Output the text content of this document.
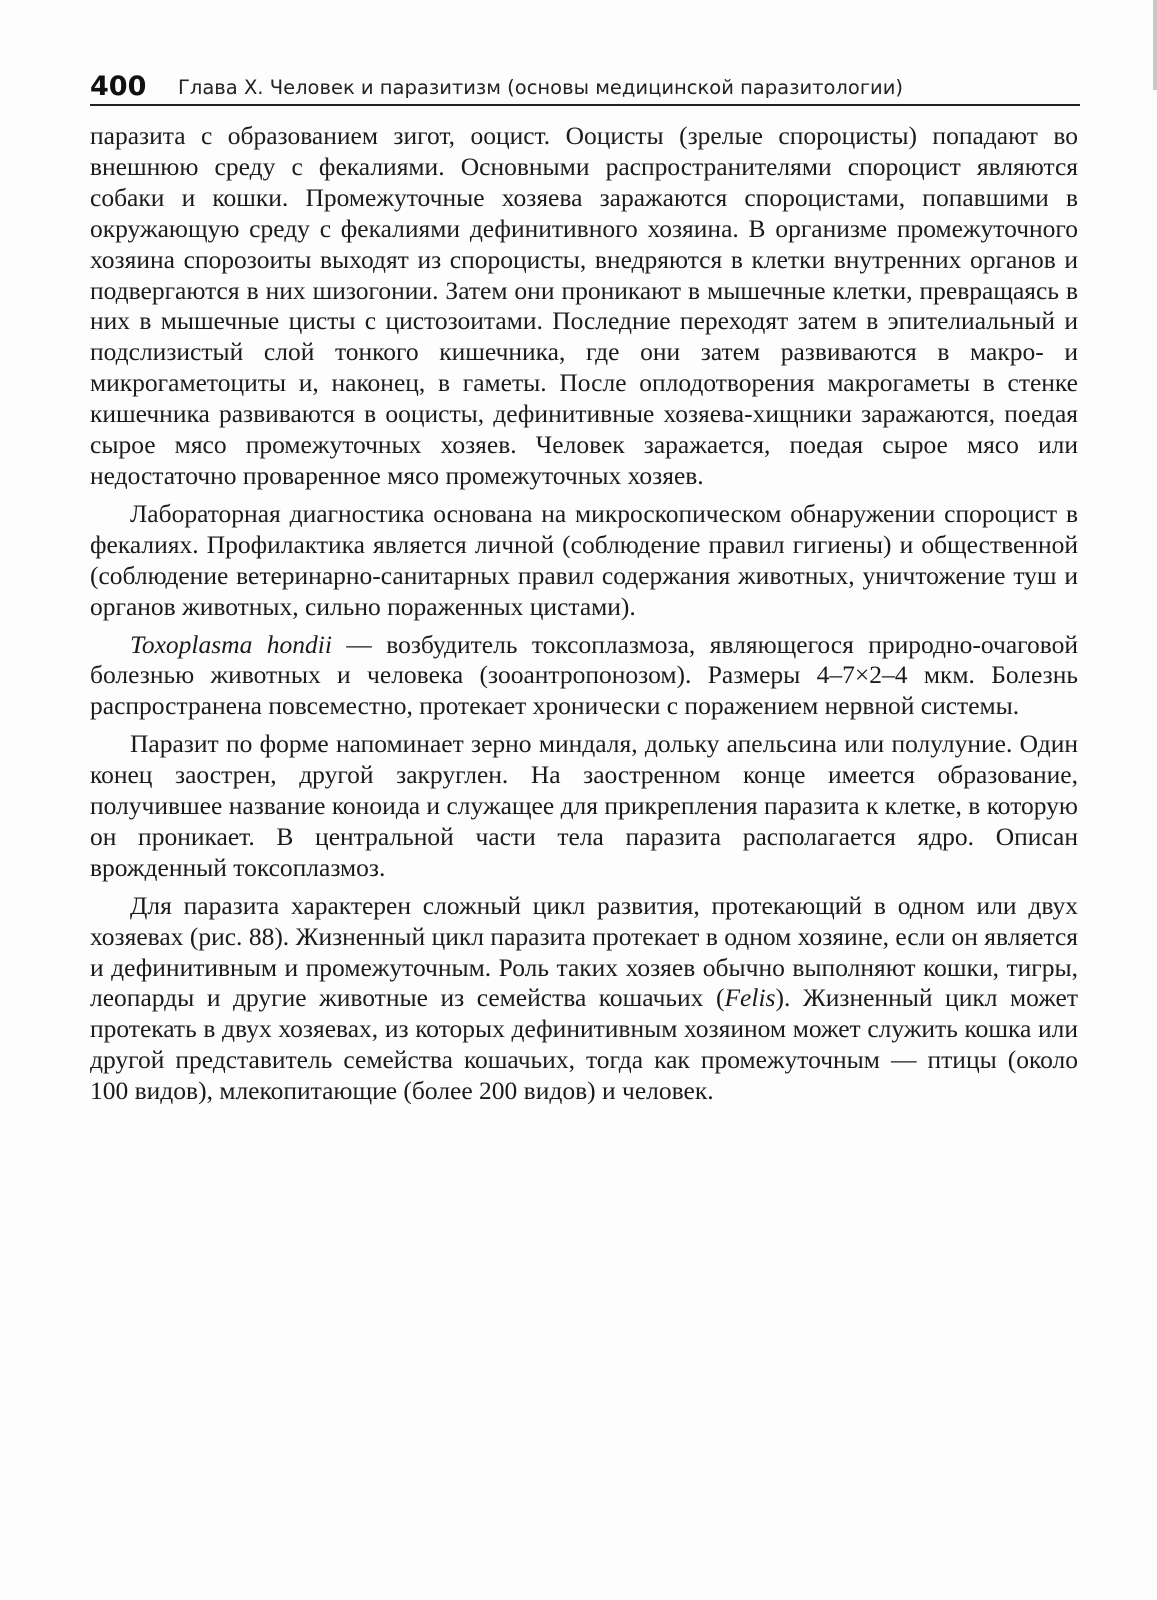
400 Глава X. Человек и паразитизм (основы медицинской паразитологии)

паразита с образованием зигот, ооцист. Ооцисты (зрелые спороцисты) попадают во внешнюю среду с фекалиями. Основными распространителями спороцист являются собаки и кошки. Промежуточные хозяева заражаются спороцистами, попавшими в окружающую среду с фекалиями дефинитивного хозяина. В организме промежуточного хозяина спорозоиты выходят из спороцисты, внедряются в клетки внутренних органов и подвергаются в них шизогонии. Затем они проникают в мышечные клетки, превращаясь в них в мышечные цисты с цистозоитами. Последние переходят затем в эпителиальный и подслизистый слой тонкого кишечника, где они затем развиваются в макро- и микрогаметоциты и, наконец, в гаметы. После оплодотворения макрогаметы в стенке кишечника развиваются в ооцисты, дефинитивные хозяева-хищники заражаются, поедая сырое мясо промежуточных хозяев. Человек заражается, поедая сырое мясо или недостаточно проваренное мясо промежуточных хозяев.

Лабораторная диагностика основана на микроскопическом обнаружении спороцист в фекалиях. Профилактика является личной (соблюдение правил гигиены) и общественной (соблюдение ветеринарно-санитарных правил содержания животных, уничтожение туш и органов животных, сильно пораженных цистами).

Toxoplasma hondii — возбудитель токсоплазмоза, являющегося природно-очаговой болезнью животных и человека (зооантропонозом). Размеры 4–7×2–4 мкм. Болезнь распространена повсеместно, протекает хронически с поражением нервной системы.

Паразит по форме напоминает зерно миндаля, дольку апельсина или полулуние. Один конец заострен, другой закруглен. На заостренном конце имеется образование, получившее название коноида и служащее для прикрепления паразита к клетке, в которую он проникает. В центральной части тела паразита располагается ядро. Описан врожденный токсоплазмоз.

Для паразита характерен сложный цикл развития, протекающий в одном или двух хозяевах (рис. 88). Жизненный цикл паразита протекает в одном хозяине, если он является и дефинитивным и промежуточным. Роль таких хозяев обычно выполняют кошки, тигры, леопарды и другие животные из семейства кошачьих (Felis). Жизненный цикл может протекать в двух хозяевах, из которых дефинитивным хозяином может служить кошка или другой представитель семейства кошачьих, тогда как промежуточным — птицы (около 100 видов), млекопитающие (более 200 видов) и человек.
